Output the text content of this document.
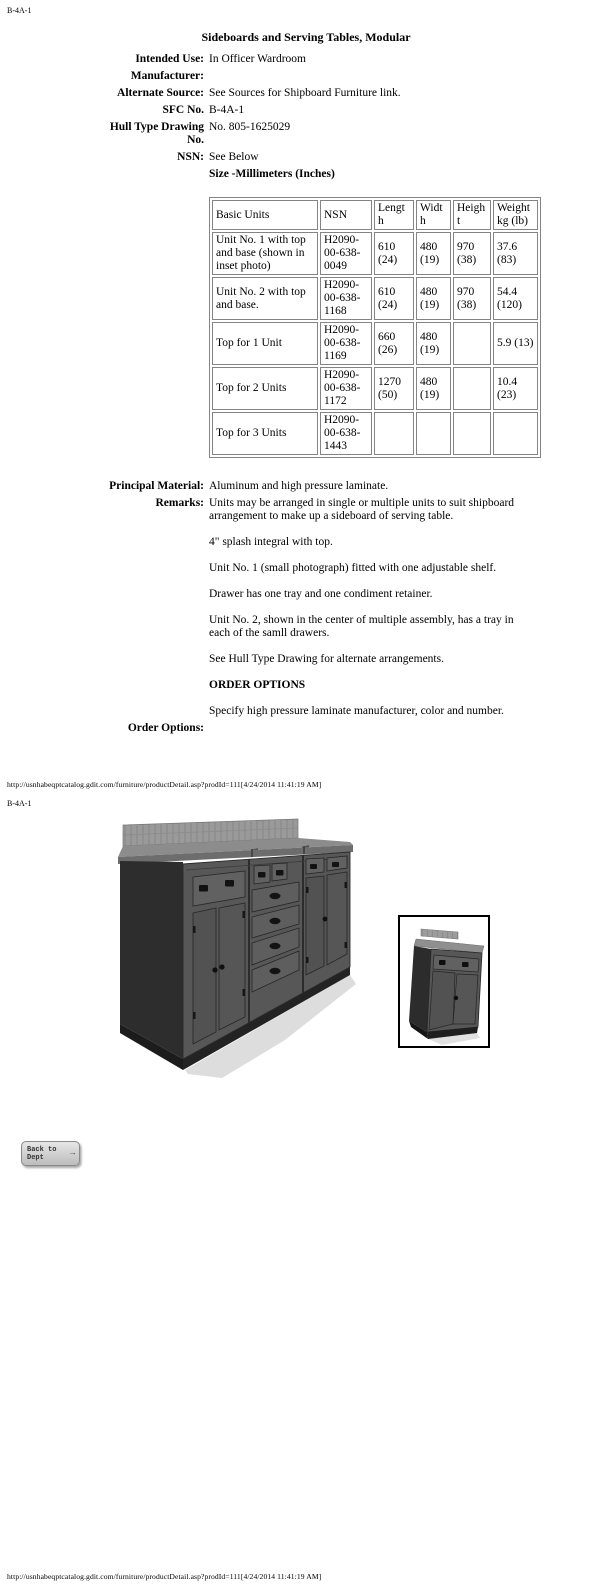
B-4A-1
Sideboards and Serving Tables, Modular
Intended Use: In Officer Wardroom
Manufacturer:
Alternate Source: See Sources for Shipboard Furniture link.
SFC No. B-4A-1
Hull Type Drawing No.
No. 805-1625029
NSN: See Below
Size -Millimeters (Inches)
Basic Units	NSN	Length	Width	Height	Weight kg (lb)
Unit No. 1 with top and base (shown in inset photo)	H2090-00-638-0049	610 (24)	480 (19)	970 (38)	37.6 (83)
Unit No. 2 with top and base.	H2090-00-638-1168	610 (24)	480 (19)	970 (38)	54.4 (120)
Top for 1 Unit	H2090-00-638-1169	660 (26)	480 (19)		5.9 (13)
Top for 2 Units	H2090-00-638-1172	1270 (50)	480 (19)		10.4 (23)
Top for 3 Units	H2090-00-638-1443				
Principal Material: Aluminum and high pressure laminate.
Remarks: Units may be arranged in single or multiple units to suit shipboard arrangement to make up a sideboard of serving table.

4" splash integral with top.

Unit No. 1 (small photograph) fitted with one adjustable shelf.

Drawer has one tray and one condiment retainer.

Unit No. 2, shown in the center of multiple assembly, has a tray in each of the samll drawers.

See Hull Type Drawing for alternate arrangements.

ORDER OPTIONS

Specify high pressure laminate manufacturer, color and number.

Order Options:
http://usnhabeqptcatalog.gdit.com/furniture/productDetail.asp?prodId=111[4/24/2014 11:41:19 AM]
B-4A-1
Back to
Dept	→
http://usnhabeqptcatalog.gdit.com/furniture/productDetail.asp?prodId=111[4/24/2014 11:41:19 AM]
